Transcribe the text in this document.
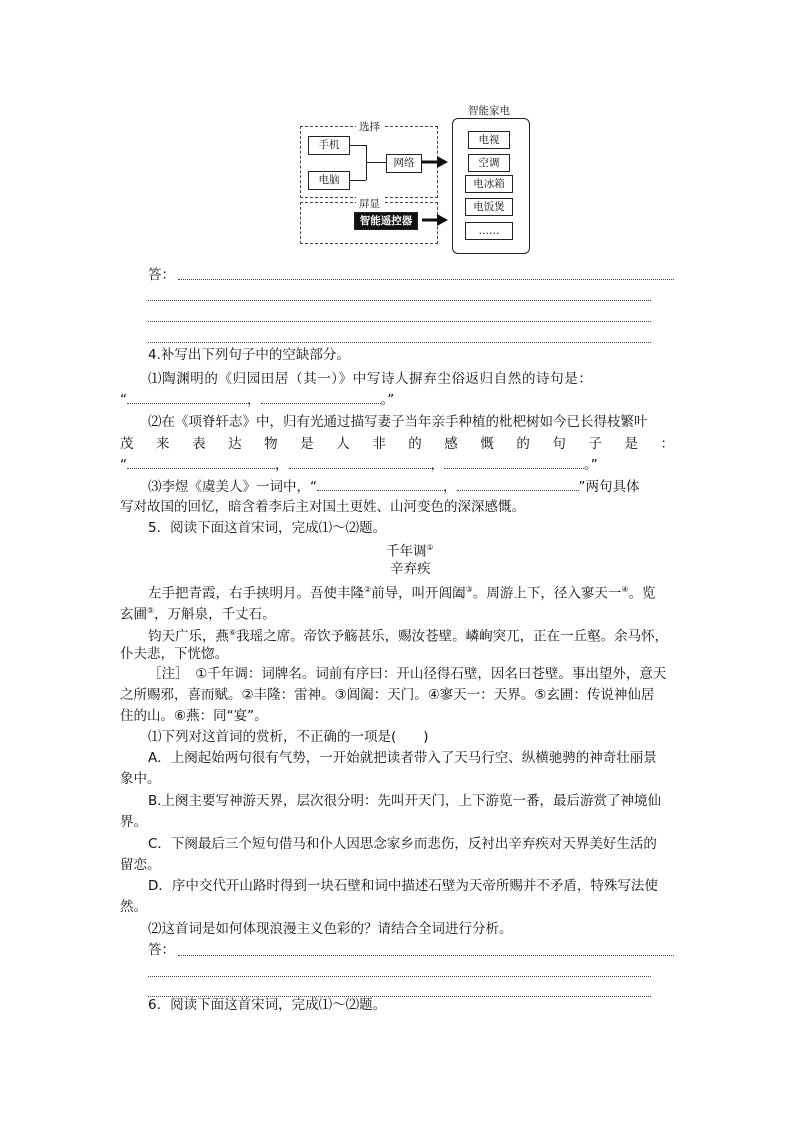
选择
手机
电脑
网络
屏显
智能遥控器
智能家电
电视
空调
电冰箱
电饭煲
……
答：
4.补写出下列句子中的空缺部分。
⑴陶渊明的《归园田居（其一）》中写诗人摒弃尘俗返归自然的诗句是：
“	，	。”
⑵在《项脊轩志》中，归有光通过描写妻子当年亲手种植的枇杷树如今已长得枝繁叶
茂 来 表 达 物 是 人 非 的 感 慨 的 句 子 是 ：
“	，	，	。”
⑶李煜《虞美人》一词中，“	，	”两句具体
写对故国的回忆，暗含着李后主对国土更姓、山河变色的深深感慨。
5．阅读下面这首宋词，完成⑴～⑵题。
千年调①
辛弃疾
左手把青霞，右手挟明月。吾使丰隆②前导，叫开阊阖③。周游上下，径入寥天一④。览
玄圃⑤，万斛泉，千丈石。
钧天广乐，燕⑥我瑶之席。帝饮予觞甚乐，赐汝苍壁。嶙峋突兀，正在一丘壑。余马怀，
仆夫悲，下恍惚。
［注］　①千年调：词牌名。词前有序曰：开山径得石壁，因名曰苍壁。事出望外，意天
之所赐邪，喜而赋。②丰隆：雷神。③阊阖：天门。④寥天一：天界。⑤玄圃：传说神仙居
住的山。⑥燕：同“宴”。
⑴下列对这首词的赏析，不正确的一项是(　　)
A．上阕起始两句很有气势，一开始就把读者带入了天马行空、纵横驰骋的神奇壮丽景
象中。
B.上阕主要写神游天界，层次很分明：先叫开天门，上下游览一番，最后游赏了神境仙
界。
C．下阕最后三个短句借马和仆人因思念家乡而悲伤，反衬出辛弃疾对天界美好生活的
留恋。
D．序中交代开山路时得到一块石壁和词中描述石壁为天帝所赐并不矛盾，特殊写法使
然。
⑵这首词是如何体现浪漫主义色彩的？请结合全词进行分析。
答：
6．阅读下面这首宋词，完成⑴～⑵题。
